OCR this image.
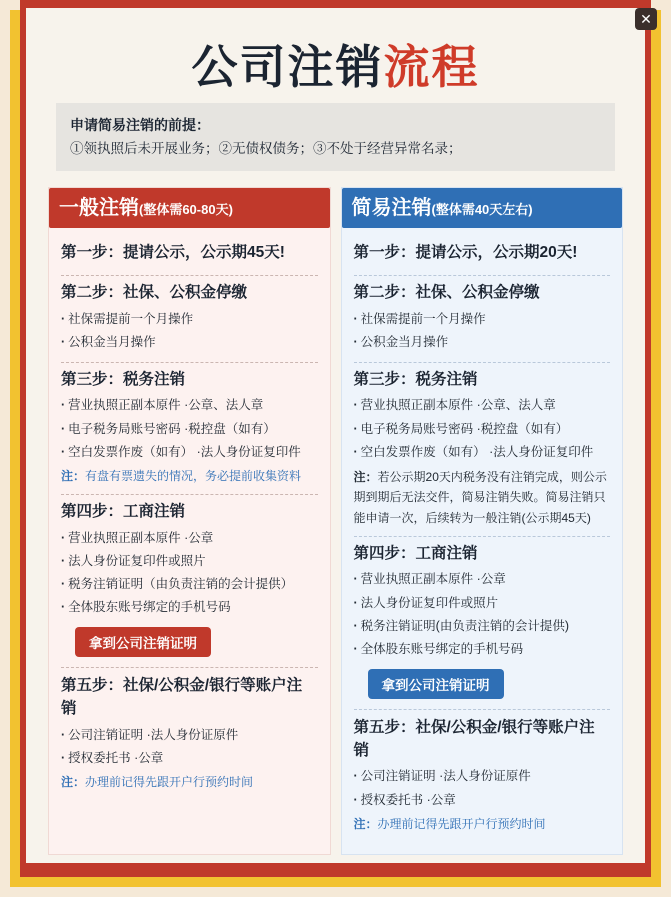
✕
公司注销流程
申请简易注销的前提：
①领执照后未开展业务；②无债权债务；③不处于经营异常名录；
一般注销(整体需60-80天)
第一步：提请公示，公示期45天!
第二步：社保、公积金停缴
· 社保需提前一个月操作
· 公积金当月操作
第三步：税务注销
· 营业执照正副本原件 ·公章、法人章
· 电子税务局账号密码 ·税控盘（如有）
· 空白发票作废（如有） ·法人身份证复印件
注：有盘有票遗失的情况，务必提前收集资料
第四步：工商注销
· 营业执照正副本原件 ·公章
· 法人身份证复印件或照片
· 税务注销证明（由负责注销的会计提供）
· 全体股东账号绑定的手机号码
拿到公司注销证明
第五步：社保/公积金/银行等账户注销
· 公司注销证明 ·法人身份证原件
· 授权委托书 ·公章
注：办理前记得先跟开户行预约时间
简易注销(整体需40天左右)
第一步：提请公示，公示期20天!
第二步：社保、公积金停缴
· 社保需提前一个月操作
· 公积金当月操作
第三步：税务注销
· 营业执照正副本原件 ·公章、法人章
· 电子税务局账号密码 ·税控盘（如有）
· 空白发票作废（如有） ·法人身份证复印件
注：若公示期20天内税务没有注销完成，则公示期到期后无法交件，简易注销失败。简易注销只能申请一次，后续转为一般注销(公示期45天)
第四步：工商注销
· 营业执照正副本原件 ·公章
· 法人身份证复印件或照片
· 税务注销证明(由负责注销的会计提供)
· 全体股东账号绑定的手机号码
拿到公司注销证明
第五步：社保/公积金/银行等账户注销
· 公司注销证明 ·法人身份证原件
· 授权委托书 ·公章
注：办理前记得先跟开户行预约时间
